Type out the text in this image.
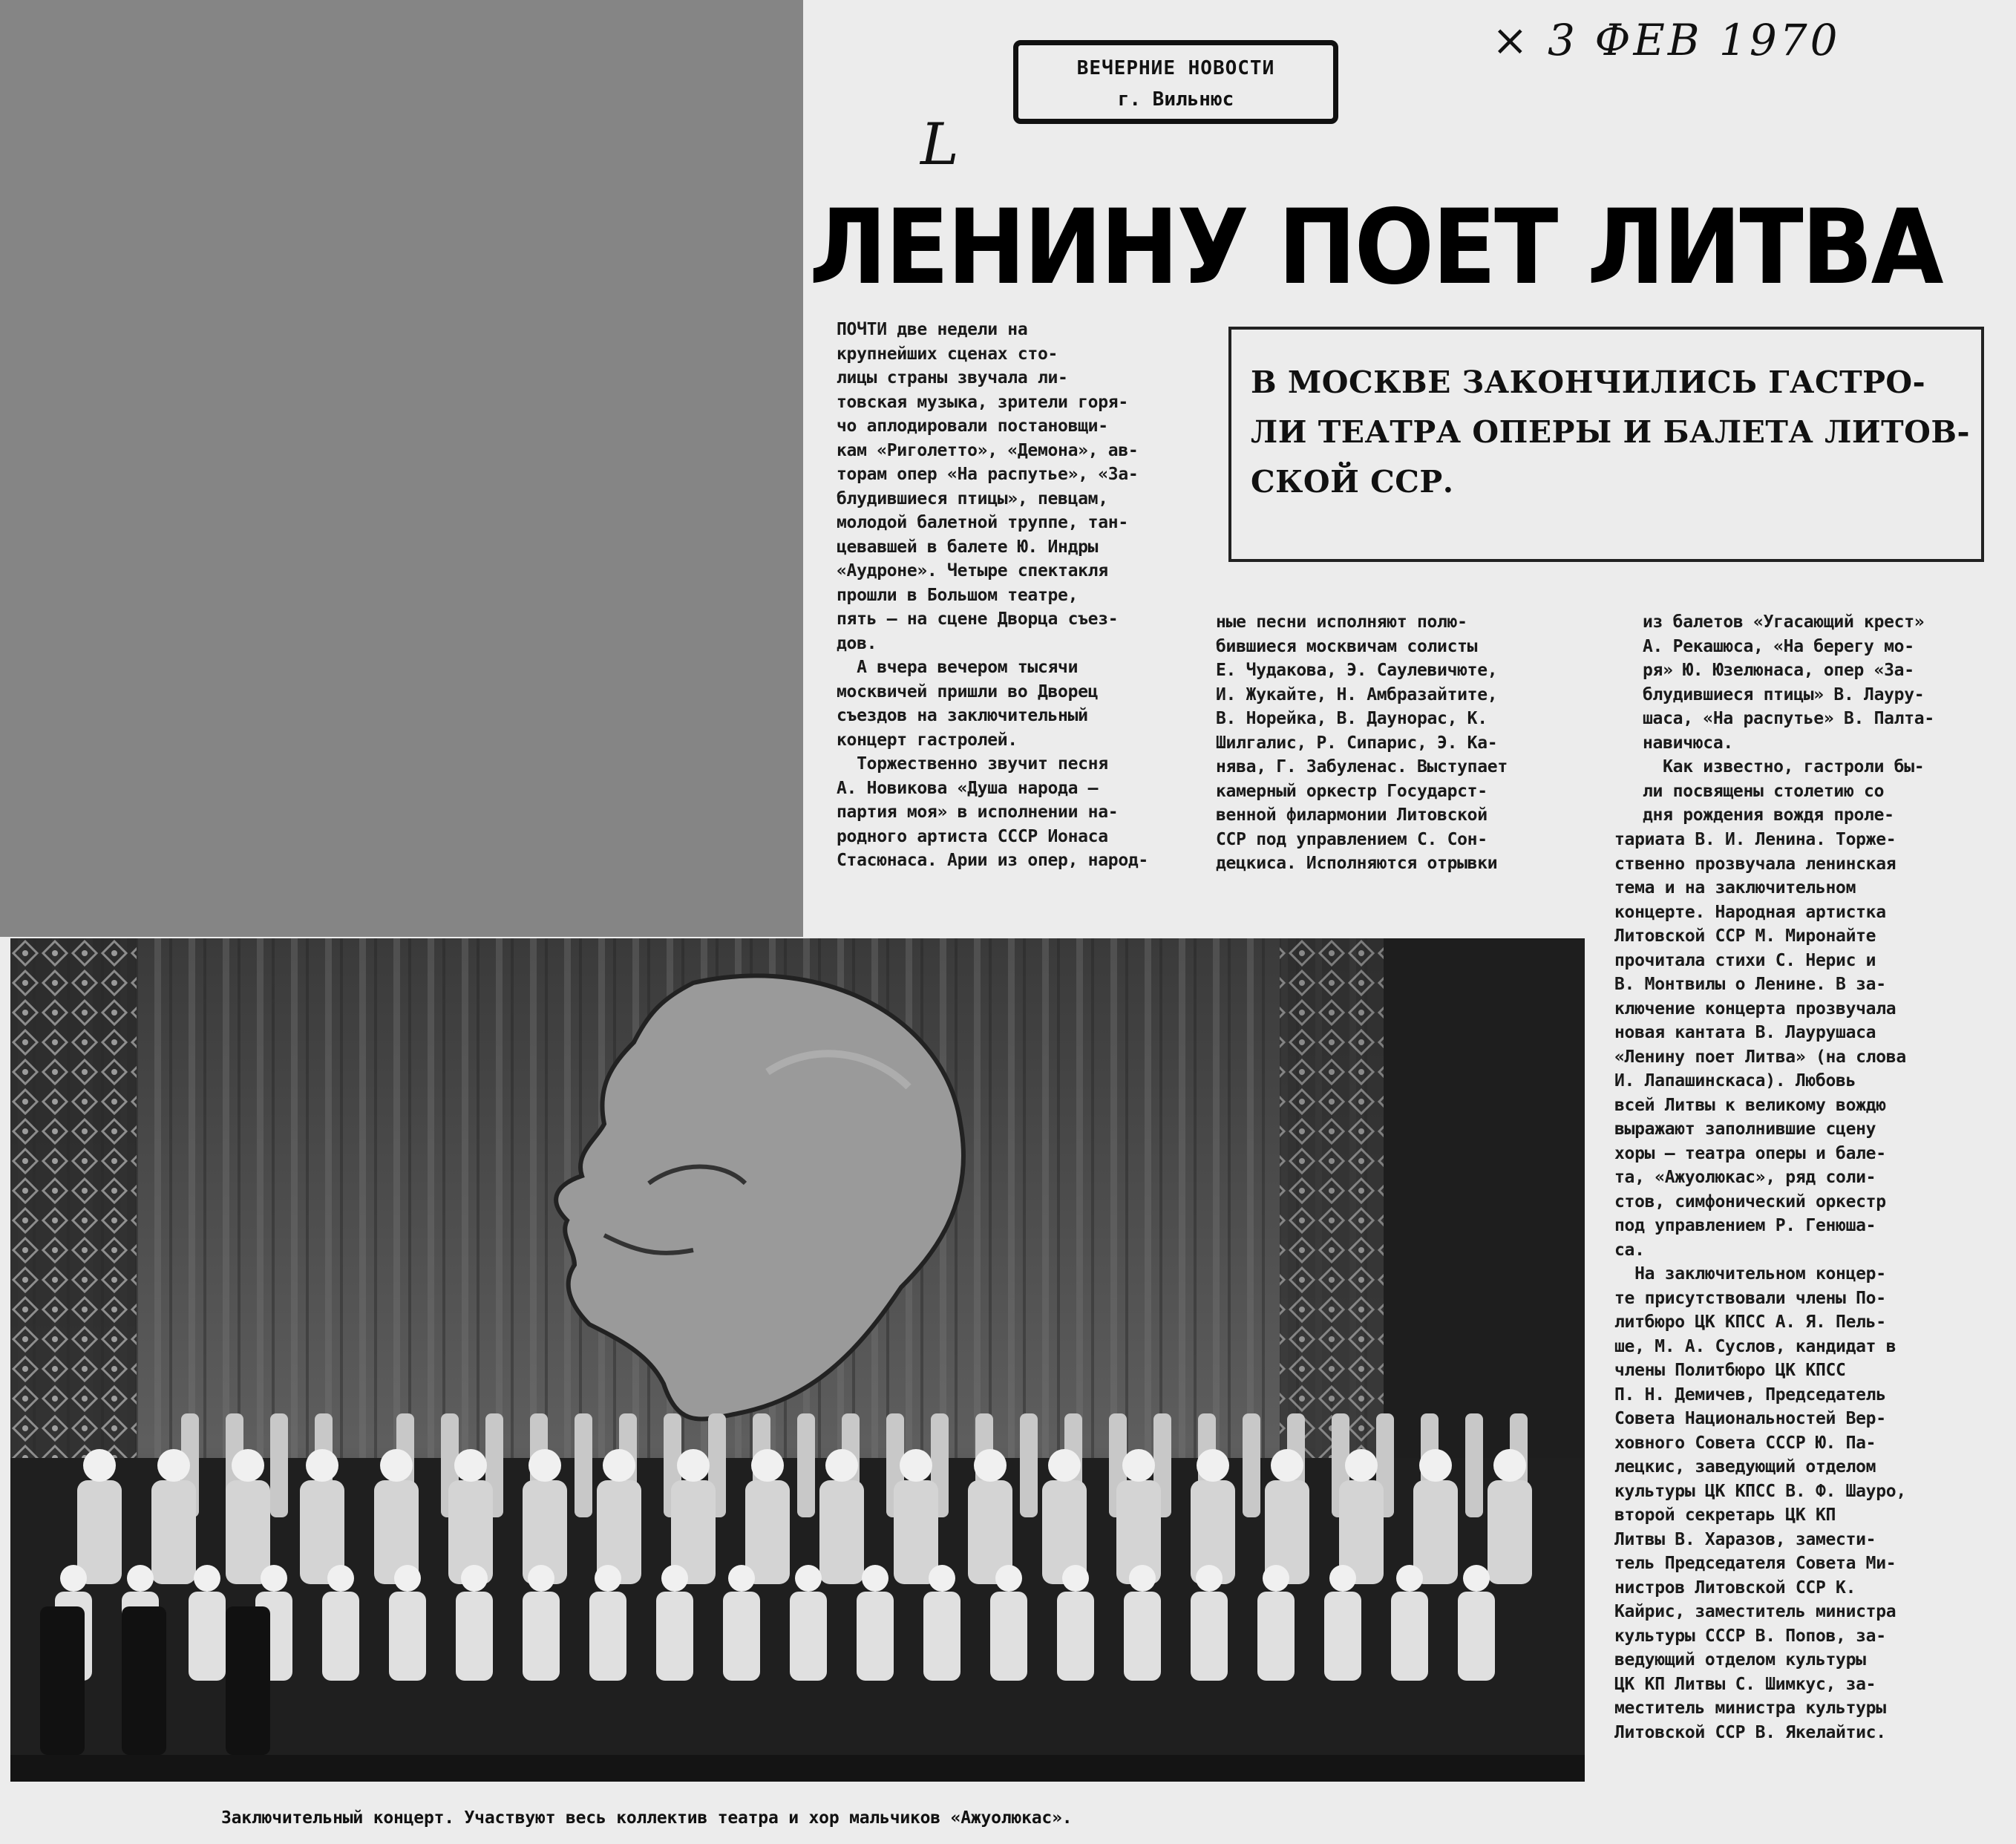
ВЕЧЕРНИЕ НОВОСТИ
г. Вильнюс
× 3 ФЕВ 1970
L
ЛЕНИНУ ПОЕТ ЛИТВА
В МОСКВЕ ЗАКОНЧИЛИСЬ ГАСТРО-
ЛИ ТЕАТРА ОПЕРЫ И БАЛЕТА ЛИТОВ-
СКОЙ ССР.
ПОЧТИ две недели на
крупнейших сценах сто-
лицы страны звучала ли-
товская музыка, зрители горя-
чо аплодировали постановщи-
кам «Риголетто», «Демона», ав-
торам опер «На распутье», «За-
блудившиеся птицы», певцам,
молодой балетной труппе, тан-
цевавшей в балете Ю. Индры
«Аудроне». Четыре спектакля
прошли в Большом театре,
пять — на сцене Дворца съез-
дов.
А вчера вечером тысячи
москвичей пришли во Дворец
съездов на заключительный
концерт гастролей.
Торжественно звучит песня
А. Новикова «Душа народа —
партия моя» в исполнении на-
родного артиста СССР Ионаса
Стасюнаса. Арии из опер, народ-
ные песни исполняют полю-
бившиеся москвичам солисты
Е. Чудакова, Э. Саулевичюте,
И. Жукайте, Н. Амбразайтите,
В. Норейка, В. Даунорас, К.
Шилгалис, Р. Сипарис, Э. Ка-
нява, Г. Забуленас. Выступает
камерный оркестр Государст-
венной филармонии Литовской
ССР под управлением С. Сон-
децкиса. Исполняются отрывки
из балетов «Угасающий крест»
А. Рекашюса, «На берегу мо-
ря» Ю. Юзелюнаса, опер «За-
блудившиеся птицы» В. Лауру-
шаса, «На распутье» В. Палта-
навичюса.
Как известно, гастроли бы-
ли посвящены столетию со
дня рождения вождя проле-
тариата В. И. Ленина. Торже-
ственно прозвучала ленинская
тема и на заключительном
концерте. Народная артистка
Литовской ССР М. Миронайте
прочитала стихи С. Нерис и
В. Монтвилы о Ленине. В за-
ключение концерта прозвучала
новая кантата В. Лаурушаса
«Ленину поет Литва» (на слова
И. Лапашинскаса). Любовь
всей Литвы к великому вождю
выражают заполнившие сцену
хоры — театра оперы и бале-
та, «Ажуолюкас», ряд соли-
стов, симфонический оркестр
под управлением Р. Генюша-
са.
На заключительном концер-
те присутствовали члены По-
литбюро ЦК КПСС А. Я. Пель-
ше, М. А. Суслов, кандидат в
члены Политбюро ЦК КПСС
П. Н. Демичев, Председатель
Совета Национальностей Вер-
ховного Совета СССР Ю. Па-
лецкис, заведующий отделом
культуры ЦК КПСС В. Ф. Шауро,
второй секретарь ЦК КП
Литвы В. Харазов, замести-
тель Председателя Совета Ми-
нистров Литовской ССР К.
Кайрис, заместитель министра
культуры СССР В. Попов, за-
ведующий отделом культуры
ЦК КП Литвы С. Шимкус, за-
меститель министра культуры
Литовской ССР В. Якелайтис.
Заключительный концерт. Участвуют весь коллектив театра и хор мальчиков «Ажуолюкас».
